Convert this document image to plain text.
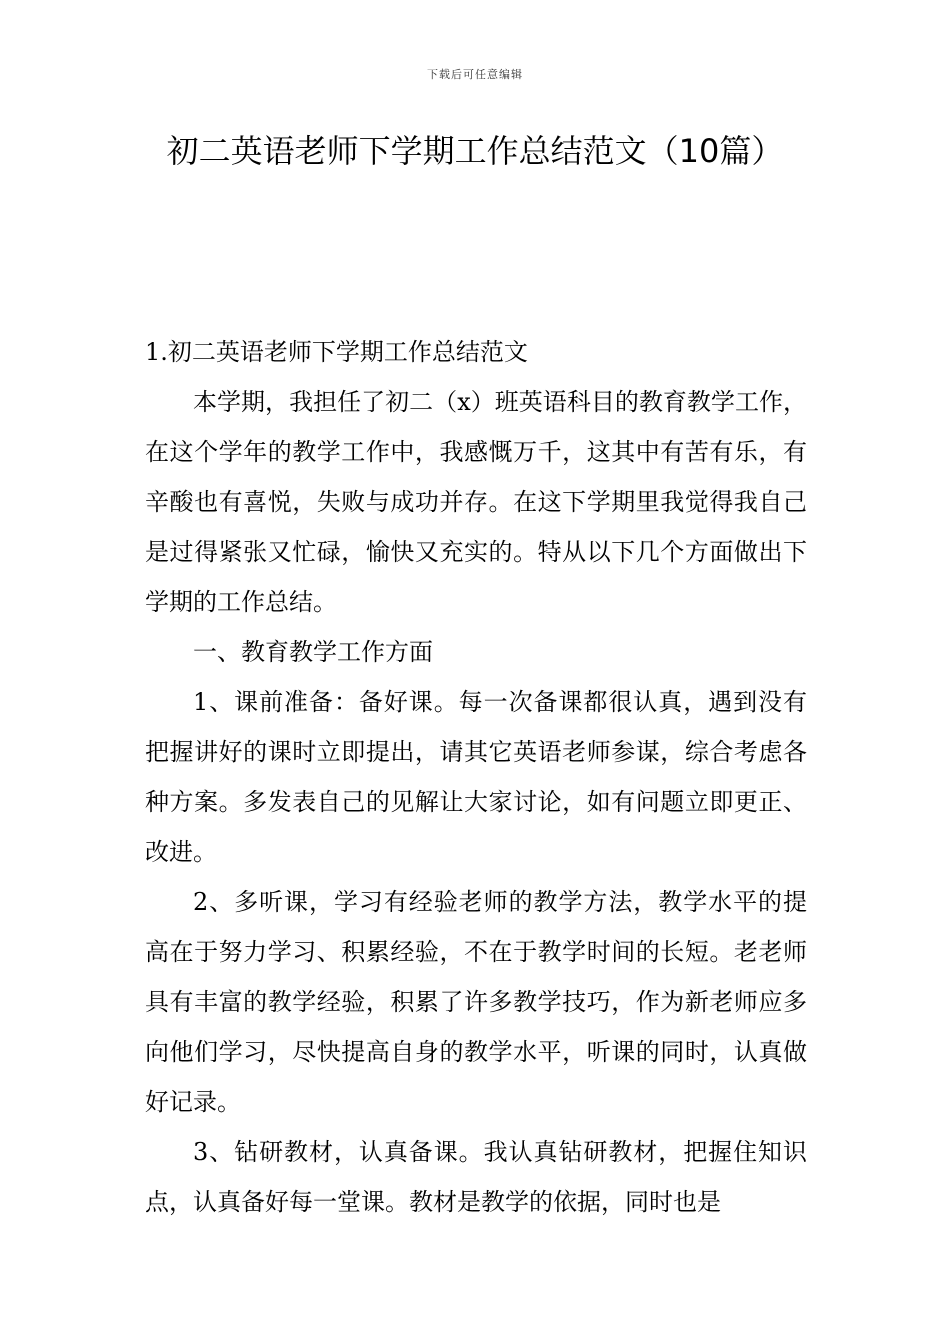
下载后可任意编辑
初二英语老师下学期工作总结范文（10篇）

1.初二英语老师下学期工作总结范文

本学期，我担任了初二（x）班英语科目的教育教学工作，在这个学年的教学工作中，我感慨万千，这其中有苦有乐，有辛酸也有喜悦，失败与成功并存。在这下学期里我觉得我自己是过得紧张又忙碌，愉快又充实的。特从以下几个方面做出下学期的工作总结。

一、教育教学工作方面

1、课前准备：备好课。每一次备课都很认真，遇到没有把握讲好的课时立即提出，请其它英语老师参谋，综合考虑各种方案。多发表自己的见解让大家讨论，如有问题立即更正、改进。

2、多听课，学习有经验老师的教学方法，教学水平的提高在于努力学习、积累经验，不在于教学时间的长短。老老师具有丰富的教学经验，积累了许多教学技巧，作为新老师应多向他们学习，尽快提高自身的教学水平，听课的同时，认真做好记录。

3、钻研教材，认真备课。我认真钻研教材，把握住知识点，认真备好每一堂课。教材是教学的依据，同时也是
